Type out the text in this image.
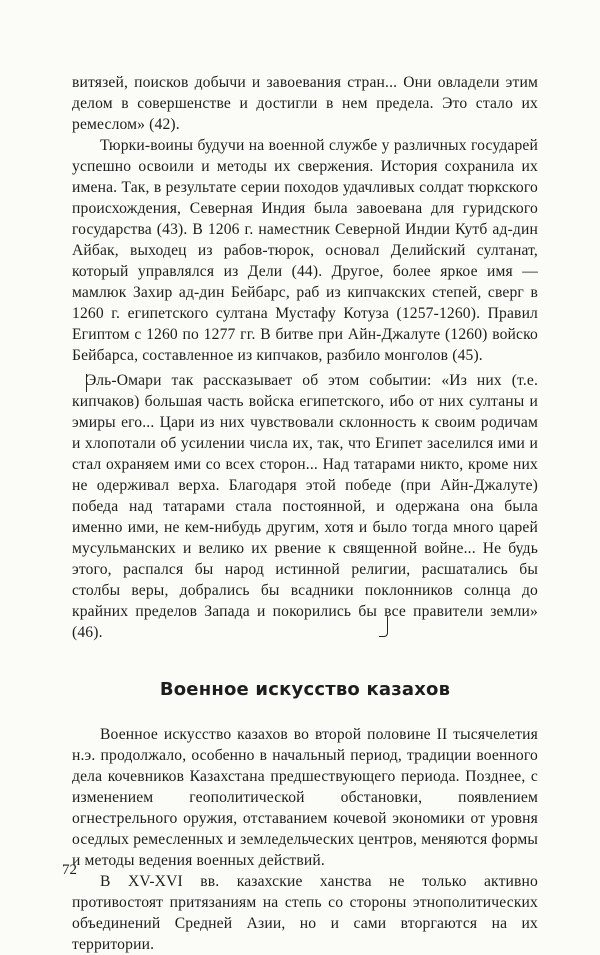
витязей, поисков добычи и завоевания стран... Они овладели этим делом в совершенстве и достигли в нем предела. Это стало их ремеслом» (42).

Тюрки-воины будучи на военной службе у различных государей успешно освоили и методы их свержения. История сохранила их имена. Так, в результате серии походов удачливых солдат тюркского происхождения, Северная Индия была завоевана для гуридского государства (43). В 1206 г. наместник Северной Индии Кутб ад-дин Айбак, выходец из рабов-тюрок, основал Делийский султанат, который управлялся из Дели (44). Другое, более яркое имя — мамлюк Захир ад-дин Бейбарс, раб из кипчакских степей, сверг в 1260 г. египетского султана Мустафу Котуза (1257-1260). Правил Египтом с 1260 по 1277 гг. В битве при Айн-Джалуте (1260) войско Бейбарса, составленное из кипчаков, разбило монголов (45).

Эль-Омари так рассказывает об этом событии: «Из них (т.е. кипчаков) большая часть войска египетского, ибо от них султаны и эмиры его... Цари из них чувствовали склонность к своим родичам и хлопотали об усилении числа их, так, что Египет заселился ими и стал охраняем ими со всех сторон... Над татарами никто, кроме них не одерживал верха. Благодаря этой победе (при Айн-Джалуте) победа над татарами стала постоянной, и одержана она была именно ими, не кем-нибудь другим, хотя и было тогда много царей мусульманских и велико их рвение к священной войне... Не будь этого, распался бы народ истинной религии, расшатались бы столбы веры, добрались бы всадники поклонников солнца до крайних пределов Запада и покорились бы все правители земли» (46).

Военное искусство казахов

Военное искусство казахов во второй половине II тысячелетия н.э. продолжало, особенно в начальный период, традиции военного дела кочевников Казахстана предшествующего периода. Позднее, с изменением геополитической обстановки, появлением огнестрельного оружия, отставанием кочевой экономики от уровня оседлых ремесленных и земледельческих центров, меняются формы и методы ведения военных действий.

В XV-XVI вв. казахские ханства не только активно противостоят притязаниям на степь со стороны этнополитических объединений Средней Азии, но и сами вторгаются на их территории.

72
